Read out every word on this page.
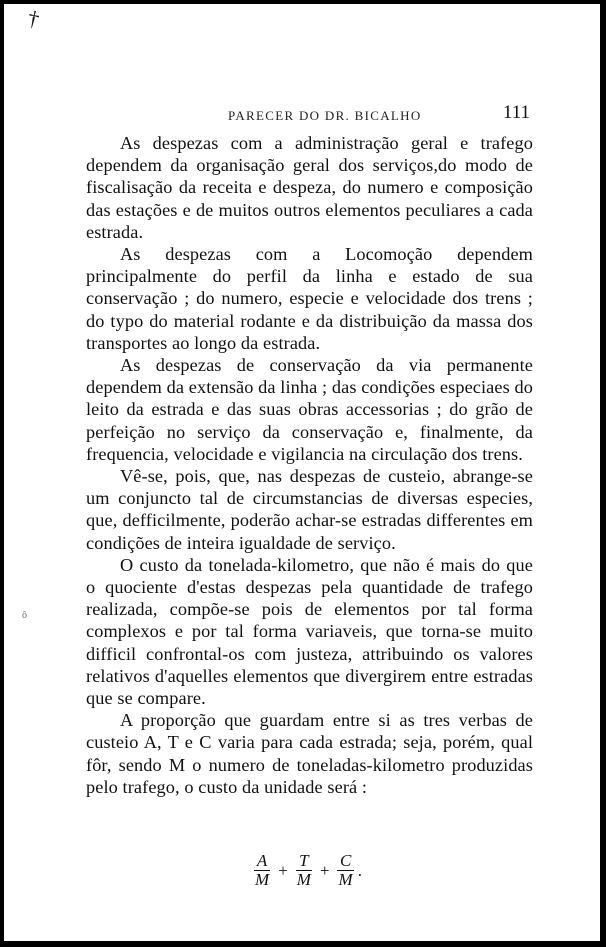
†
PARECER DO DR. BICALHO	111
ô

As despezas com a administração geral e trafego dependem da organisação geral dos serviços,do modo de fiscalisação da receita e despeza, do numero e composição das estações e de muitos outros elementos peculiares a cada estrada.

As despezas com a Locomoção dependem principalmente do perfil da linha e estado de sua conservação ; do numero, especie e velocidade dos trens ; do typo do material rodante e da distribuição da massa dos transportes ao longo da estrada.

As despezas de conservação da via permanente dependem da extensão da linha ; das condições especiaes do leito da estrada e das suas obras accessorias ; do grão de perfeição no serviço da conservação e, finalmente, da frequencia, velocidade e vigilancia na circulação dos trens.

Vê-se, pois, que, nas despezas de custeio, abrange-se um conjuncto tal de circumstancias de diversas especies, que, defficilmente, poderão achar-se estradas differentes em condições de inteira igualdade de serviço.

O custo da tonelada-kilometro, que não é mais do que o quociente d'estas despezas pela quantidade de trafego realizada, compõe-se pois de elementos por tal forma complexos e por tal forma variaveis, que torna-se muito difficil confrontal-os com justeza, attribuindo os valores relativos d'aquelles elementos que divergirem entre estradas que se compare.

A proporção que guardam entre si as tres verbas de custeio A, T e C varia para cada estrada; seja, porém, qual fôr, sendo M o numero de toneladas-kilometro produzidas pelo trafego, o custo da unidade será :

$\frac{A}{M} + \frac{T}{M} + \frac{C}{M}$ .
